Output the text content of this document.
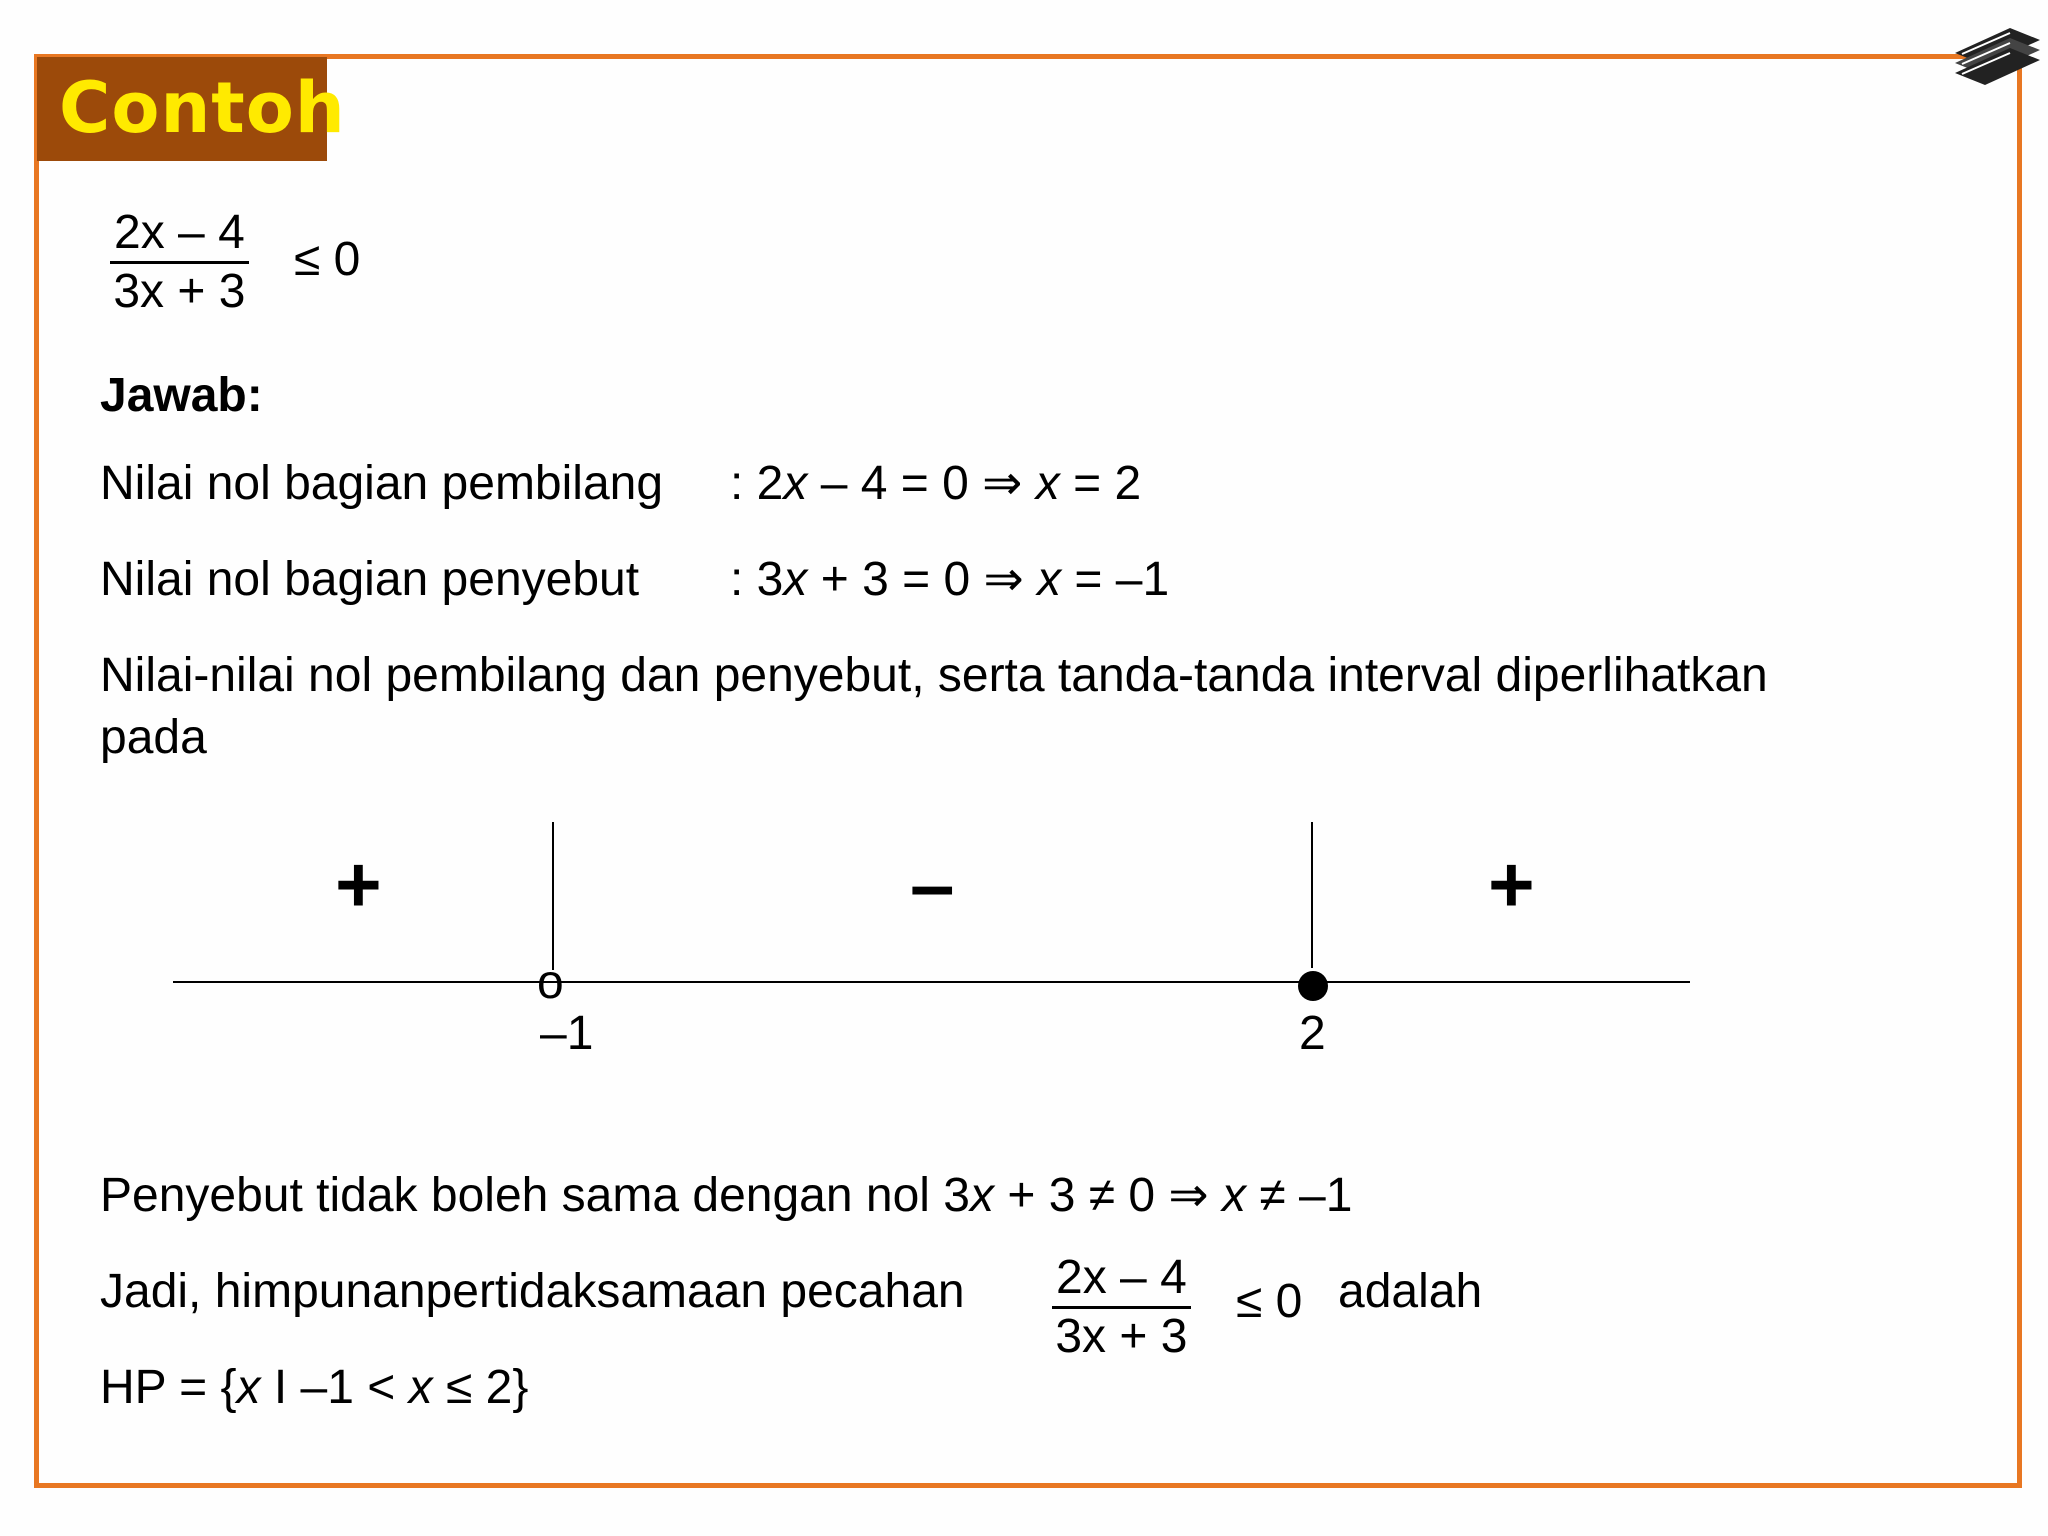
Contoh
$\frac{2x - 4}{3x + 3} \le 0$
Jawab:
Nilai nol bagian pembilang : 2x – 4 = 0 ⇒ x = 2
Nilai nol bagian penyebut : 3x + 3 = 0 ⇒ x = –1
Nilai-nilai nol pembilang dan penyebut, serta tanda-tanda interval diperlihatkan
pada
+	–	+
o
–1	2
Penyebut tidak boleh sama dengan nol 3x + 3 ≠ 0 ⇒ x ≠ –1
Jadi, himpunanpertidaksamaan pecahan $\frac{2x - 4}{3x + 3} \le 0$ adalah
HP = {x I –1 < x ≤ 2}
